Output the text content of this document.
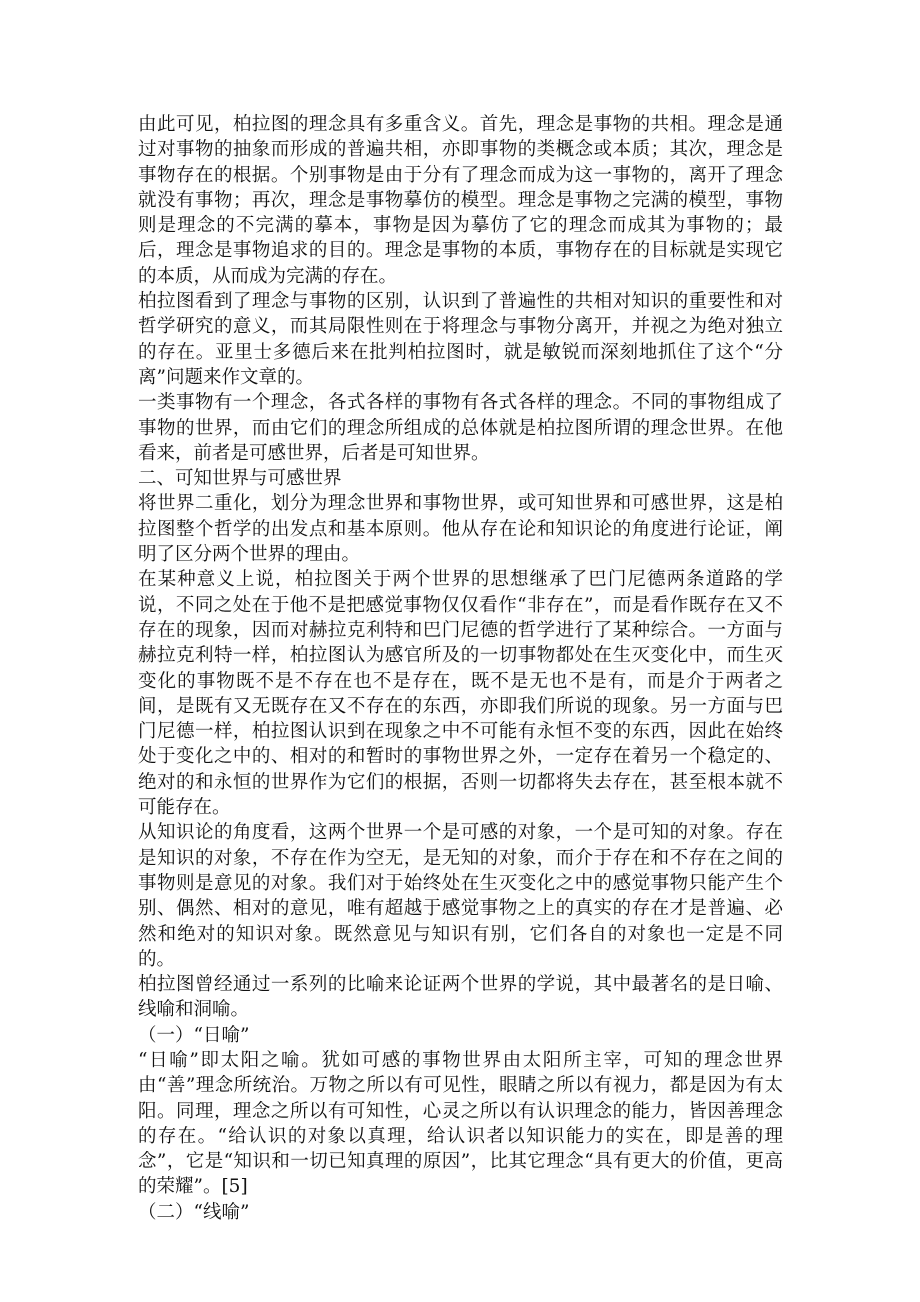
由此可见，柏拉图的理念具有多重含义。首先，理念是事物的共相。理念是通过对事物的抽象而形成的普遍共相，亦即事物的类概念或本质；其次，理念是事物存在的根据。个别事物是由于分有了理念而成为这一事物的，离开了理念就没有事物；再次，理念是事物摹仿的模型。理念是事物之完满的模型，事物则是理念的不完满的摹本，事物是因为摹仿了它的理念而成其为事物的；最后，理念是事物追求的目的。理念是事物的本质，事物存在的目标就是实现它的本质，从而成为完满的存在。

柏拉图看到了理念与事物的区别，认识到了普遍性的共相对知识的重要性和对哲学研究的意义，而其局限性则在于将理念与事物分离开，并视之为绝对独立的存在。亚里士多德后来在批判柏拉图时，就是敏锐而深刻地抓住了这个“分离”问题来作文章的。

一类事物有一个理念，各式各样的事物有各式各样的理念。不同的事物组成了事物的世界，而由它们的理念所组成的总体就是柏拉图所谓的理念世界。在他看来，前者是可感世界，后者是可知世界。

二、可知世界与可感世界

将世界二重化，划分为理念世界和事物世界，或可知世界和可感世界，这是柏拉图整个哲学的出发点和基本原则。他从存在论和知识论的角度进行论证，阐明了区分两个世界的理由。

在某种意义上说，柏拉图关于两个世界的思想继承了巴门尼德两条道路的学说，不同之处在于他不是把感觉事物仅仅看作“非存在”，而是看作既存在又不存在的现象，因而对赫拉克利特和巴门尼德的哲学进行了某种综合。一方面与赫拉克利特一样，柏拉图认为感官所及的一切事物都处在生灭变化中，而生灭变化的事物既不是不存在也不是存在，既不是无也不是有，而是介于两者之间，是既有又无既存在又不存在的东西，亦即我们所说的现象。另一方面与巴门尼德一样，柏拉图认识到在现象之中不可能有永恒不变的东西，因此在始终处于变化之中的、相对的和暂时的事物世界之外，一定存在着另一个稳定的、绝对的和永恒的世界作为它们的根据，否则一切都将失去存在，甚至根本就不可能存在。

从知识论的角度看，这两个世界一个是可感的对象，一个是可知的对象。存在是知识的对象，不存在作为空无，是无知的对象，而介于存在和不存在之间的事物则是意见的对象。我们对于始终处在生灭变化之中的感觉事物只能产生个别、偶然、相对的意见，唯有超越于感觉事物之上的真实的存在才是普遍、必然和绝对的知识对象。既然意见与知识有别，它们各自的对象也一定是不同的。

柏拉图曾经通过一系列的比喻来论证两个世界的学说，其中最著名的是日喻、线喻和洞喻。

（一）“日喻”

“日喻”即太阳之喻。犹如可感的事物世界由太阳所主宰，可知的理念世界由“善”理念所统治。万物之所以有可见性，眼睛之所以有视力，都是因为有太阳。同理，理念之所以有可知性，心灵之所以有认识理念的能力，皆因善理念的存在。“给认识的对象以真理，给认识者以知识能力的实在，即是善的理念”，它是“知识和一切已知真理的原因”，比其它理念“具有更大的价值，更高的荣耀”。[5]

（二）“线喻”
